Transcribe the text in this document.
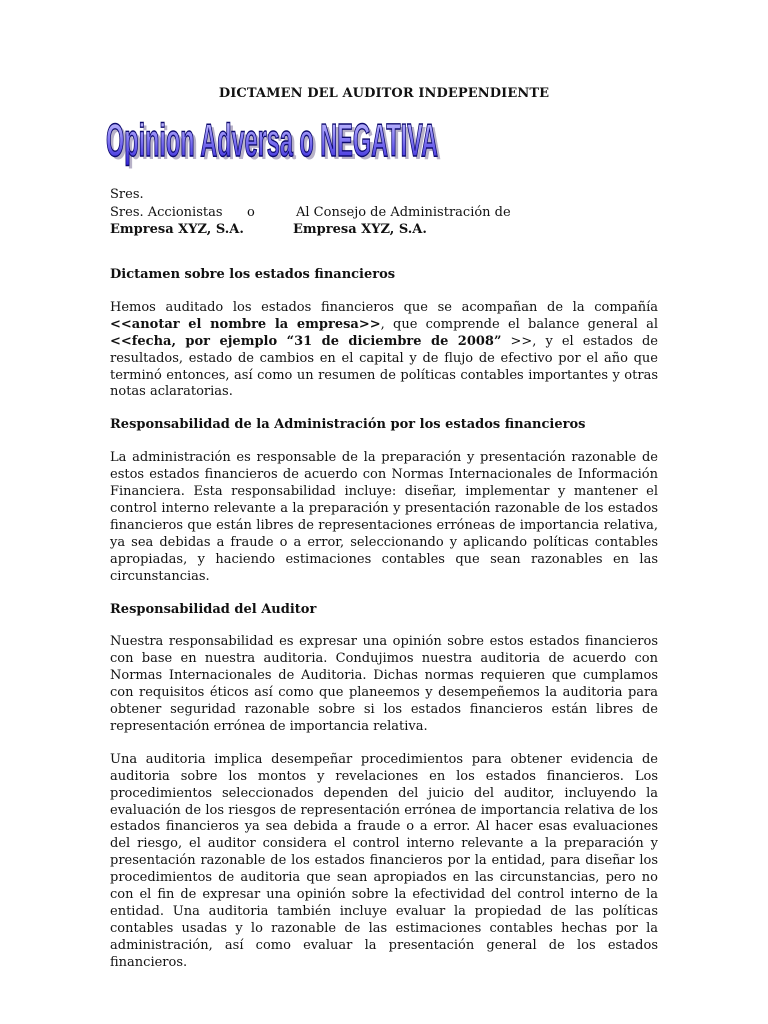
DICTAMEN DEL AUDITOR INDEPENDIENTE
Opinion Adversa o NEGATIVA
Opinion Adversa o NEGATIVA
Sres.
Sres. Accionistas o	Al Consejo de Administración de
Empresa XYZ, S.A.	Empresa XYZ, S.A.
Dictamen sobre los estados financieros

Hemos auditado los estados financieros que se acompañan de la compañía <<anotar el nombre la empresa>>, que comprende el balance general al <<fecha, por ejemplo “31 de diciembre de 2008” >>, y el estados de resultados, estado de cambios en el capital y de flujo de efectivo por el año que terminó entonces, así como un resumen de políticas contables importantes y otras notas aclaratorias.

Responsabilidad de la Administración por los estados financieros

La administración es responsable de la preparación y presentación razonable de estos estados financieros de acuerdo con Normas Internacionales de Información Financiera. Esta responsabilidad incluye: diseñar, implementar y mantener el control interno relevante a la preparación y presentación razonable de los estados financieros que están libres de representaciones erróneas de importancia relativa, ya sea debidas a fraude o a error, seleccionando y aplicando políticas contables apropiadas, y haciendo estimaciones contables que sean razonables en las circunstancias.

Responsabilidad del Auditor

Nuestra responsabilidad es expresar una opinión sobre estos estados financieros con base en nuestra auditoria. Condujimos nuestra auditoria de acuerdo con Normas Internacionales de Auditoria. Dichas normas requieren que cumplamos con requisitos éticos así como que planeemos y desempeñemos la auditoria para obtener seguridad razonable sobre si los estados financieros están libres de representación errónea de importancia relativa.

Una auditoria implica desempeñar procedimientos para obtener evidencia de auditoria sobre los montos y revelaciones en los estados financieros. Los procedimientos seleccionados dependen del juicio del auditor, incluyendo la evaluación de los riesgos de representación errónea de importancia relativa de los estados financieros ya sea debida a fraude o a error. Al hacer esas evaluaciones del riesgo, el auditor considera el control interno relevante a la preparación y presentación razonable de los estados financieros por la entidad, para diseñar los procedimientos de auditoria que sean apropiados en las circunstancias, pero no con el fin de expresar una opinión sobre la efectividad del control interno de la entidad. Una auditoria también incluye evaluar la propiedad de las políticas contables usadas y lo razonable de las estimaciones contables hechas por la administración, así como evaluar la presentación general de los estados financieros.
